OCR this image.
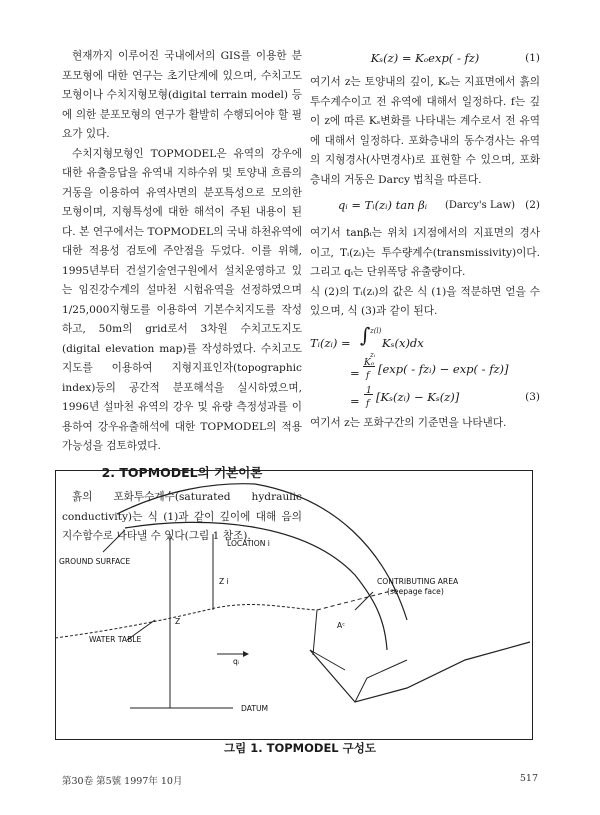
현재까지 이루어진 국내에서의 GIS를 이용한 분포모형에 대한 연구는 초기단계에 있으며, 수치고도모형이나 수치지형모형(digital terrain model) 등에 의한 분포모형의 연구가 활발히 수행되어야 할 필요가 있다.

수치지형모형인 TOPMODEL은 유역의 강우에 대한 유출응답을 유역내 지하수위 및 토양내 흐름의 거동을 이용하여 유역사면의 분포특성으로 모의한 모형이며, 지형특성에 대한 해석이 주된 내용이 된다. 본 연구에서는 TOPMODEL의 국내 하천유역에 대한 적용성 검토에 주안점을 두었다. 이를 위해, 1995년부터 건설기술연구원에서 설치운영하고 있는 임진강수계의 설마천 시험유역을 선정하였으며 1/25,000지형도를 이용하여 기본수치지도를 작성하고, 50m의 grid로서 3차원 수치고도지도(digital elevation map)를 작성하였다. 수치고도지도를 이용하여 지형지표인자(topographic index)등의 공간적 분포해석을 실시하였으며, 1996년 설마천 유역의 강우 및 유량 측정성과를 이용하여 강우유출해석에 대한 TOPMODEL의 적용가능성을 검토하였다.

2. TOPMODEL의 기본이론

흙의 포화투수계수(saturated hydraulic conductivity)는 식 (1)과 같이 깊이에 대해 음의 지수함수로 나타낼 수 있다(그림 1 참조).

Kₛ(z) = Kₒexp( - fz)	(1)

여기서 z는 토양내의 깊이, Kₒ는 지표면에서 흙의 투수계수이고 전 유역에 대해서 일정하다. f는 깊이 z에 따른 Kₛ변화를 나타내는 계수로서 전 유역에 대해서 일정하다. 포화층내의 동수경사는 유역의 지형경사(사면경사)로 표현할 수 있으며, 포화층내의 거동은 Darcy 법칙을 따른다.

qᵢ = Tᵢ(zᵢ) tan βᵢ (Darcy's Law) (2)

여기서 tanβᵢ는 위치 i지점에서의 지표면의 경사이고, Tᵢ(zᵢ)는 투수량계수(transmissivity)이다. 그리고 qᵢ는 단위폭당 유출량이다.

식 (2)의 Tᵢ(zᵢ)의 값은 식 (1)을 적분하면 얻을 수 있으며, 식 (3)과 같이 된다.

Tᵢ(zᵢ) = ∫ z(l)
zᵢ
Kₛ(x)dx
=
Kₒ
f [exp( - fzᵢ) − exp( - fz)]
=
1
f [Kₛ(zᵢ) − Kₛ(z)]	(3)

여기서 z는 포화구간의 기준면을 나타낸다.

LOCATION i
GROUND SURFACE
Z i
Z
WATER TABLE
qᵢ
Aᶜ
CONTRIBUTING AREA
(seepage face)
DATUM
그림 1. TOPMODEL 구성도
第30卷 第5號 1997年 10月	517
